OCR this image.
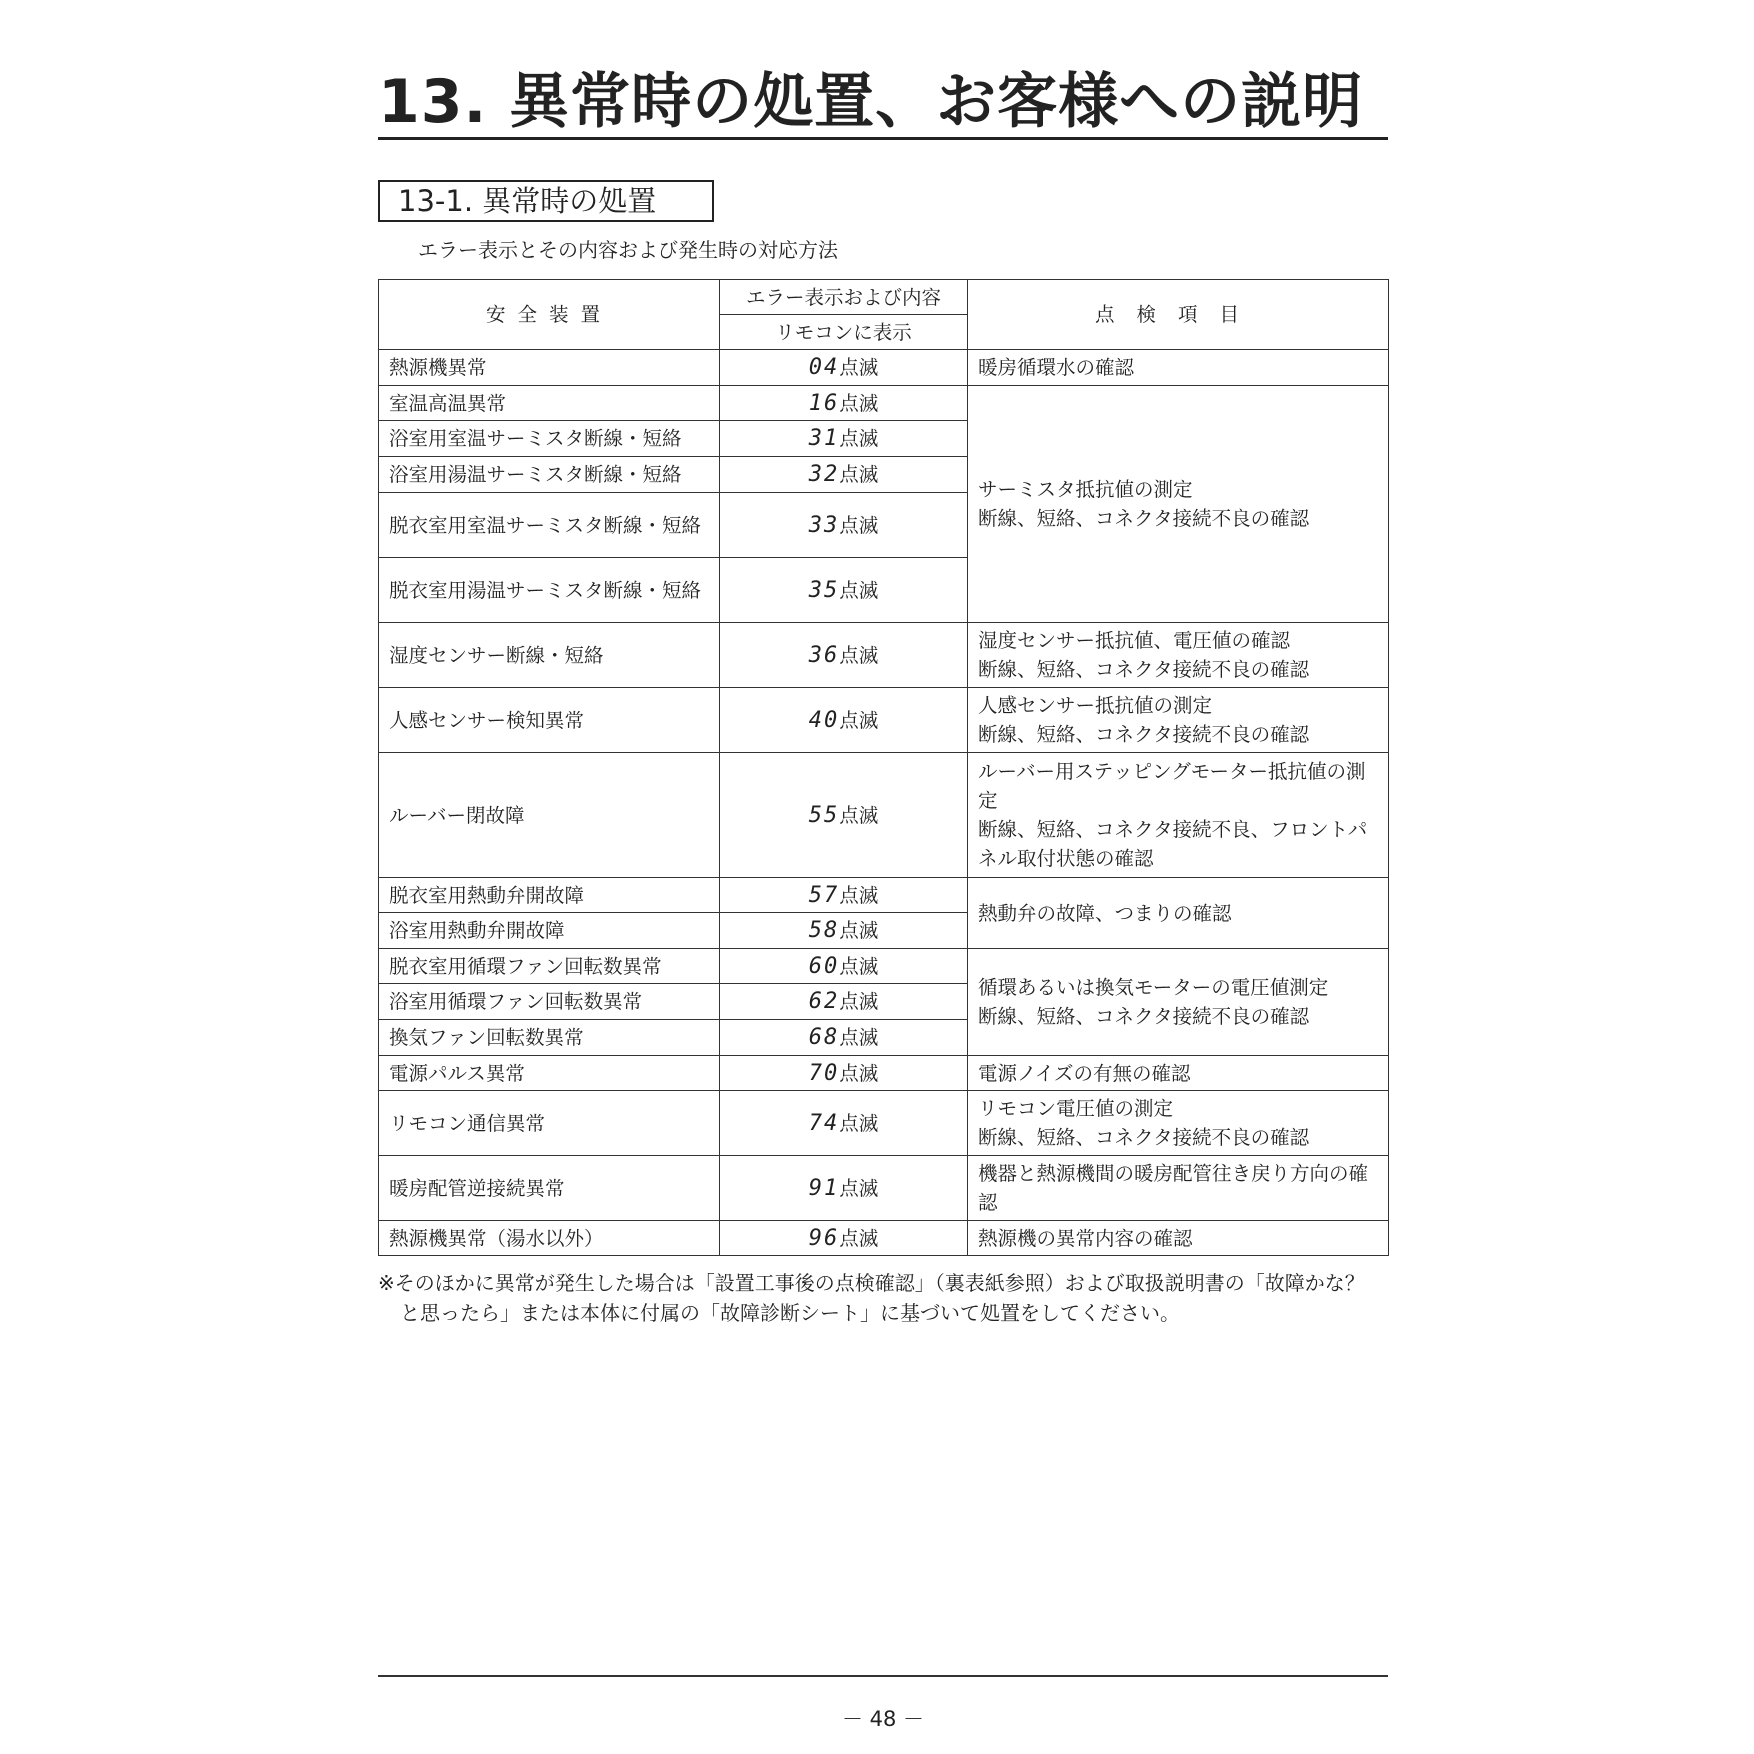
13. 異常時の処置、お客様への説明
13-1. 異常時の処置
エラー表示とその内容および発生時の対応方法
安全装置	エラー表示および内容	点検項目
	リモコンに表示	
熱源機異常	04点滅	暖房循環水の確認

室温高温異常	16点滅	サーミスタ抵抗値の測定
断線、短絡、コネクタ接続不良の確認

浴室用室温サーミスタ断線・短絡	31点滅	
浴室用湯温サーミスタ断線・短絡	32点滅	
脱衣室用室温サーミスタ断線・短絡	33点滅	
脱衣室用湯温サーミスタ断線・短絡	35点滅	
湿度センサー断線・短絡	36点滅	湿度センサー抵抗値、電圧値の確認
断線、短絡、コネクタ接続不良の確認

人感センサー検知異常	40点滅	人感センサー抵抗値の測定
断線、短絡、コネクタ接続不良の確認

ルーバー閉故障	55点滅	ルーバー用ステッピングモーター抵抗値の測定
断線、短絡、コネクタ接続不良、フロントパネル取付状態の確認

脱衣室用熱動弁開故障	57点滅	熱動弁の故障、つまりの確認

浴室用熱動弁開故障	58点滅	
脱衣室用循環ファン回転数異常	60点滅	循環あるいは換気モーターの電圧値測定
断線、短絡、コネクタ接続不良の確認

浴室用循環ファン回転数異常	62点滅	
換気ファン回転数異常	68点滅	
電源パルス異常	70点滅	電源ノイズの有無の確認

リモコン通信異常	74点滅	リモコン電圧値の測定
断線、短絡、コネクタ接続不良の確認

暖房配管逆接続異常	91点滅	機器と熱源機間の暖房配管往き戻り方向の確認

熱源機異常（湯水以外）	96点滅	熱源機の異常内容の確認
※そのほかに異常が発生した場合は「設置工事後の点検確認」（裏表紙参照）および取扱説明書の「故障かな？
と思ったら」または本体に付属の「故障診断シート」に基づいて処置をしてください。
－ 48 －
